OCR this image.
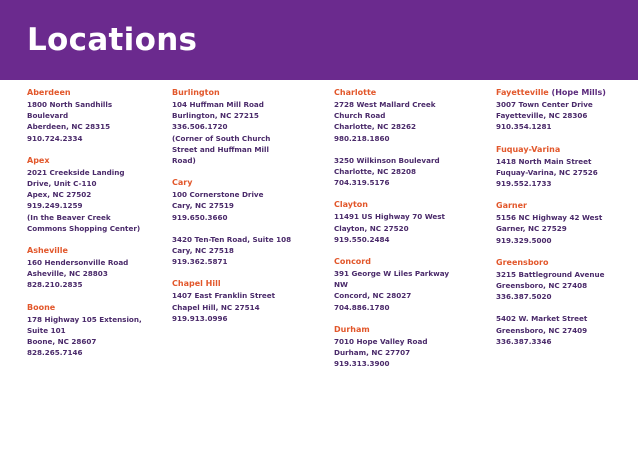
Locations
Aberdeen
1800 North Sandhills
Boulevard
Aberdeen, NC 28315
910.724.2334
Apex
2021 Creekside Landing
Drive, Unit C-110
Apex, NC 27502
919.249.1259
(In the Beaver Creek
Commons Shopping Center)
Asheville
160 Hendersonville Road
Asheville, NC 28803
828.210.2835
Boone
178 Highway 105 Extension,
Suite 101
Boone, NC 28607
828.265.7146
Burlington
104 Huffman Mill Road
Burlington, NC 27215
336.506.1720
(Corner of South Church
Street and Huffman Mill
Road)
Cary
100 Cornerstone Drive
Cary, NC 27519
919.650.3660
3420 Ten-Ten Road, Suite 108
Cary, NC 27518
919.362.5871
Chapel Hill
1407 East Franklin Street
Chapel Hill, NC 27514
919.913.0996
Charlotte
2728 West Mallard Creek
Church Road
Charlotte, NC 28262
980.218.1860
3250 Wilkinson Boulevard
Charlotte, NC 28208
704.319.5176
Clayton
11491 US Highway 70 West
Clayton, NC 27520
919.550.2484
Concord
391 George W Liles Parkway
NW
Concord, NC 28027
704.886.1780
Durham
7010 Hope Valley Road
Durham, NC 27707
919.313.3900
Fayetteville (Hope Mills)
3007 Town Center Drive
Fayetteville, NC 28306
910.354.1281
Fuquay-Varina
1418 North Main Street
Fuquay-Varina, NC 27526
919.552.1733
Garner
5156 NC Highway 42 West
Garner, NC 27529
919.329.5000
Greensboro
3215 Battleground Avenue
Greensboro, NC 27408
336.387.5020
5402 W. Market Street
Greensboro, NC 27409
336.387.3346
